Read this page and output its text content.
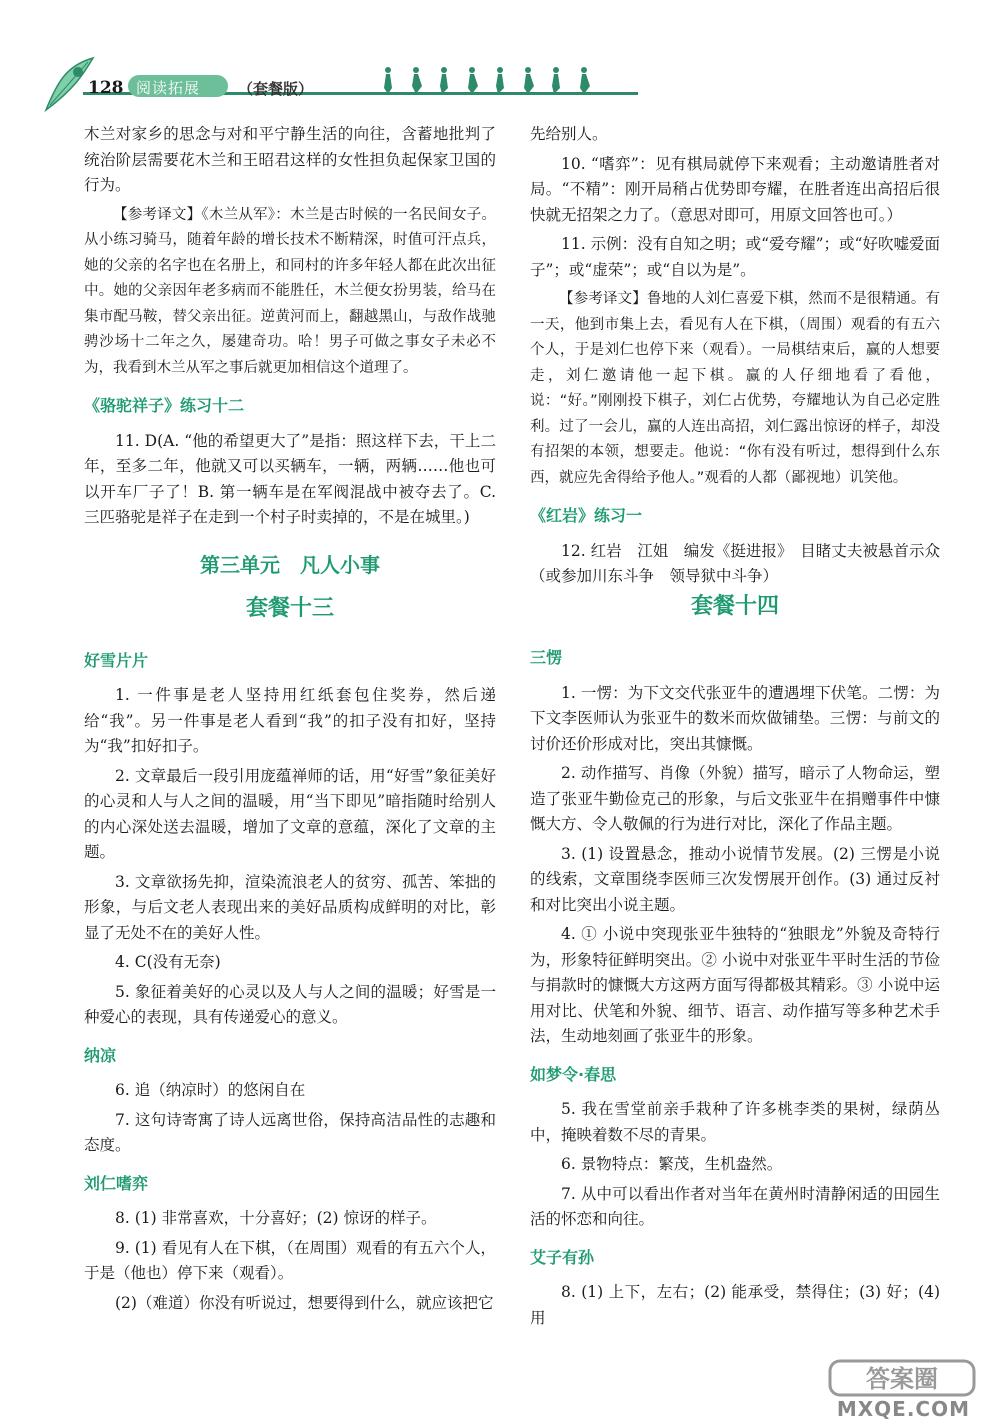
128 阅读拓展	（套餐版）

木兰对家乡的思念与对和平宁静生活的向往，含蓄地批判了统治阶层需要花木兰和王昭君这样的女性担负起保家卫国的行为。

【参考译文】《木兰从军》：木兰是古时候的一名民间女子。从小练习骑马，随着年龄的增长技术不断精深，时值可汗点兵，她的父亲的名字也在名册上，和同村的许多年轻人都在此次出征中。她的父亲因年老多病而不能胜任，木兰便女扮男装，给马在集市配马鞍，替父亲出征。逆黄河而上，翻越黑山，与敌作战驰骋沙场十二年之久，屡建奇功。哈！男子可做之事女子未必不为，我看到木兰从军之事后就更加相信这个道理了。

《骆驼祥子》练习十二

11. D(A. “他的希望更大了”是指：照这样下去，干上二年，至多二年，他就又可以买辆车，一辆，两辆……他也可以开车厂子了！B. 第一辆车是在军阀混战中被夺去了。C. 三匹骆驼是祥子在走到一个村子时卖掉的，不是在城里。)

第三单元　凡人小事

套餐十三

好雪片片

1. 一件事是老人坚持用红纸套包住奖券，然后递给“我”。另一件事是老人看到“我”的扣子没有扣好，坚持为“我”扣好扣子。

2. 文章最后一段引用庞蕴禅师的话，用“好雪”象征美好的心灵和人与人之间的温暖，用“当下即见”暗指随时给别人的内心深处送去温暖，增加了文章的意蕴，深化了文章的主题。

3. 文章欲扬先抑，渲染流浪老人的贫穷、孤苦、笨拙的形象，与后文老人表现出来的美好品质构成鲜明的对比，彰显了无处不在的美好人性。

4. C(没有无奈)

5. 象征着美好的心灵以及人与人之间的温暖；好雪是一种爱心的表现，具有传递爱心的意义。

纳凉

6. 追（纳凉时）的悠闲自在

7. 这句诗寄寓了诗人远离世俗，保持高洁品性的志趣和态度。

刘仁嗜弈

8. (1) 非常喜欢，十分喜好；(2) 惊讶的样子。

9. (1) 看见有人在下棋，（在周围）观看的有五六个人，于是（他也）停下来（观看）。

(2)（难道）你没有听说过，想要得到什么，就应该把它

先给别人。

10. “嗜弈”：见有棋局就停下来观看；主动邀请胜者对局。“不精”：刚开局稍占优势即夸耀，在胜者连出高招后很快就无招架之力了。（意思对即可，用原文回答也可。）

11. 示例：没有自知之明；或“爱夸耀”；或“好吹嘘爱面子”；或“虚荣”；或“自以为是”。

【参考译文】鲁地的人刘仁喜爱下棋，然而不是很精通。有一天，他到市集上去，看见有人在下棋，（周围）观看的有五六个人，于是刘仁也停下来（观看）。一局棋结束后，赢的人想要走，刘仁邀请他一起下棋。赢的人仔细地看了看他，说：“好。”刚刚投下棋子，刘仁占优势，夸耀地认为自己必定胜利。过了一会儿，赢的人连出高招，刘仁露出惊讶的样子，却没有招架的本领，想要走。他说：“你有没有听过，想得到什么东西，就应先舍得给予他人。”观看的人都（鄙视地）讥笑他。

《红岩》练习一

12. 红岩　江姐　编发《挺进报》　目睹丈夫被悬首示众（或参加川东斗争　领导狱中斗争）

套餐十四

三愣

1. 一愣：为下文交代张亚牛的遭遇埋下伏笔。二愣：为下文李医师认为张亚牛的数米而炊做铺垫。三愣：与前文的讨价还价形成对比，突出其慷慨。

2. 动作描写、肖像（外貌）描写，暗示了人物命运，塑造了张亚牛勤俭克己的形象，与后文张亚牛在捐赠事件中慷慨大方、令人敬佩的行为进行对比，深化了作品主题。

3. (1) 设置悬念，推动小说情节发展。(2) 三愣是小说的线索，文章围绕李医师三次发愣展开创作。(3) 通过反衬和对比突出小说主题。

4. ① 小说中突现张亚牛独特的“独眼龙”外貌及奇特行为，形象特征鲜明突出。② 小说中对张亚牛平时生活的节俭与捐款时的慷慨大方这两方面写得都极其精彩。③ 小说中运用对比、伏笔和外貌、细节、语言、动作描写等多种艺术手法，生动地刻画了张亚牛的形象。

如梦令·春思

5. 我在雪堂前亲手栽种了许多桃李类的果树，绿荫丛中，掩映着数不尽的青果。

6. 景物特点：繁茂，生机盎然。

7. 从中可以看出作者对当年在黄州时清静闲适的田园生活的怀恋和向往。

艾子有孙

8. (1) 上下，左右；(2) 能承受，禁得住；(3) 好；(4) 用

答案圈
MXQE.COM
